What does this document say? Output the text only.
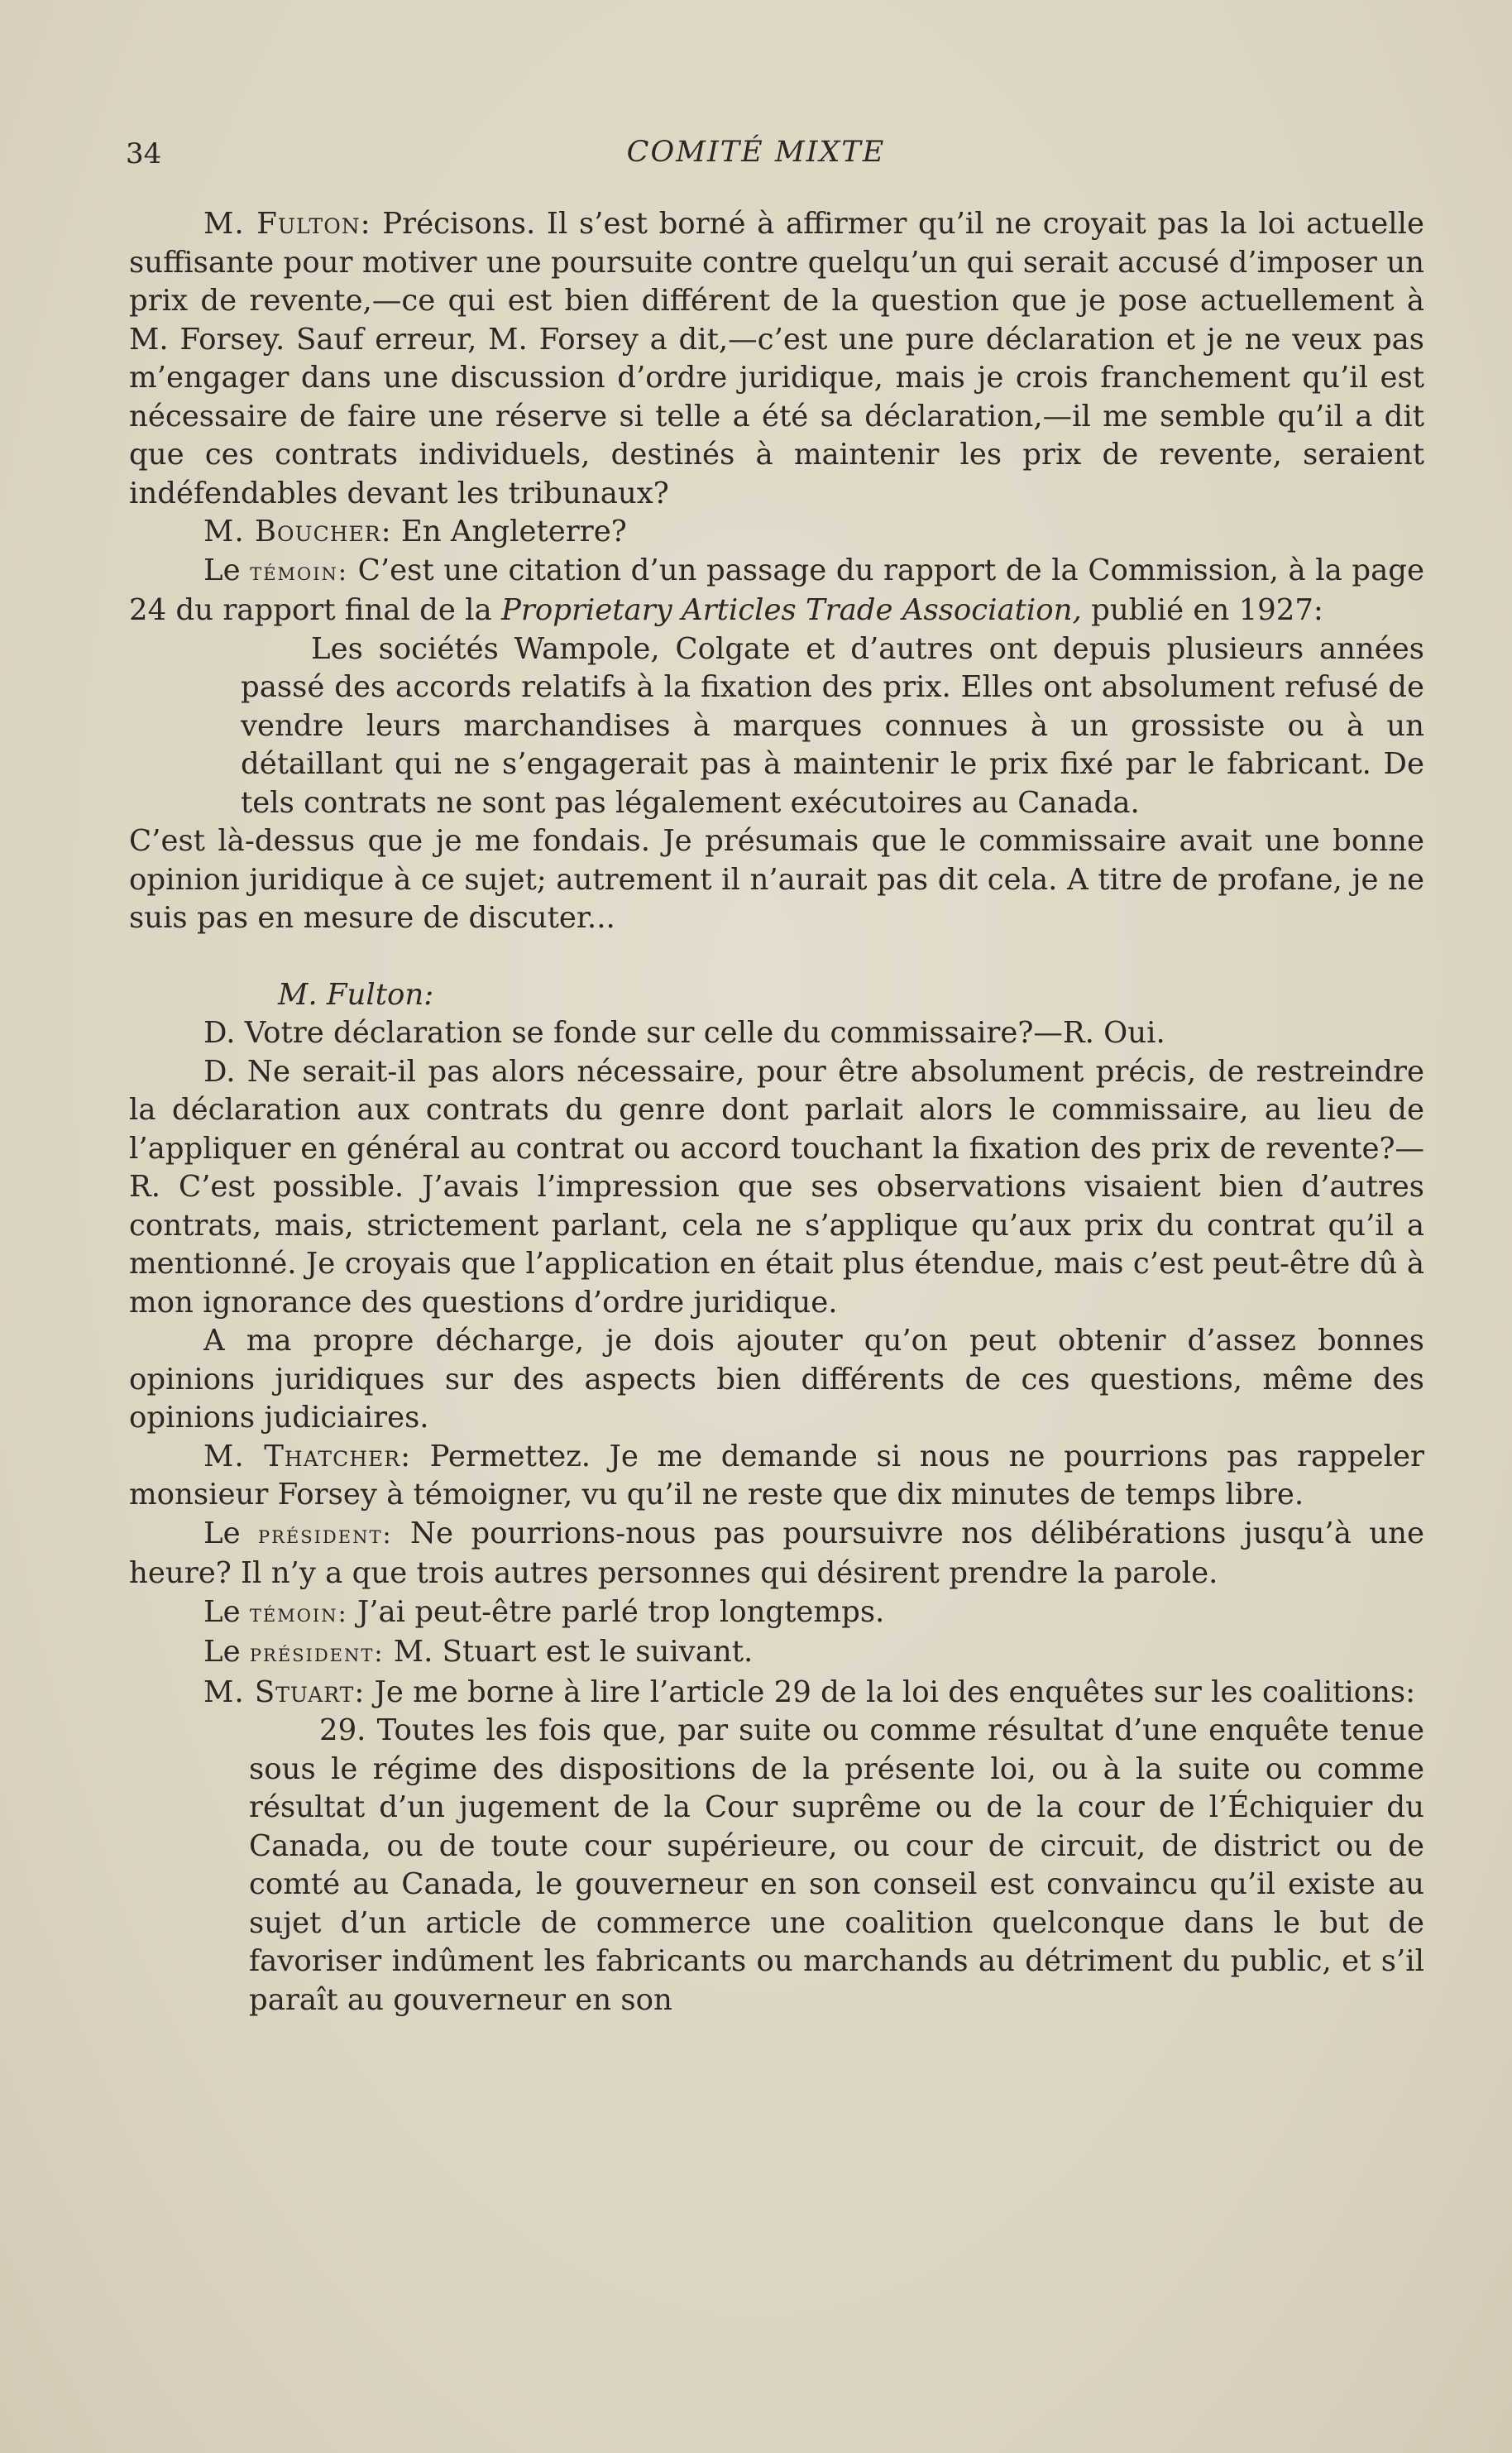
34	COMITÉ MIXTE

M. Fulton: Précisons. Il s’est borné à affirmer qu’il ne croyait pas la loi actuelle suffisante pour motiver une poursuite contre quelqu’un qui serait accusé d’imposer un prix de revente,—ce qui est bien différent de la question que je pose actuellement à M. Forsey. Sauf erreur, M. Forsey a dit,—c’est une pure déclaration et je ne veux pas m’engager dans une discussion d’ordre juridique, mais je crois franchement qu’il est nécessaire de faire une réserve si telle a été sa déclaration,—il me semble qu’il a dit que ces contrats individuels, destinés à maintenir les prix de revente, seraient indéfendables devant les tribunaux?

M. Boucher: En Angleterre?

Le témoin: C’est une citation d’un passage du rapport de la Commission, à la page 24 du rapport final de la Proprietary Articles Trade Association, publié en 1927:

Les sociétés Wampole, Colgate et d’autres ont depuis plusieurs années passé des accords relatifs à la fixation des prix. Elles ont absolument refusé de vendre leurs marchandises à marques connues à un grossiste ou à un détaillant qui ne s’engagerait pas à maintenir le prix fixé par le fabricant. De tels contrats ne sont pas légalement exécutoires au Canada.

C’est là-dessus que je me fondais. Je présumais que le commissaire avait une bonne opinion juridique à ce sujet; autrement il n’aurait pas dit cela. A titre de profane, je ne suis pas en mesure de discuter...

M. Fulton:

D. Votre déclaration se fonde sur celle du commissaire?—R. Oui.

D. Ne serait-il pas alors nécessaire, pour être absolument précis, de restreindre la déclaration aux contrats du genre dont parlait alors le commissaire, au lieu de l’appliquer en général au contrat ou accord touchant la fixation des prix de revente?—R. C’est possible. J’avais l’impression que ses observations visaient bien d’autres contrats, mais, strictement parlant, cela ne s’applique qu’aux prix du contrat qu’il a mentionné. Je croyais que l’application en était plus étendue, mais c’est peut-être dû à mon ignorance des questions d’ordre juridique.

A ma propre décharge, je dois ajouter qu’on peut obtenir d’assez bonnes opinions juridiques sur des aspects bien différents de ces questions, même des opinions judiciaires.

M. Thatcher: Permettez. Je me demande si nous ne pourrions pas rappeler monsieur Forsey à témoigner, vu qu’il ne reste que dix minutes de temps libre.

Le président: Ne pourrions-nous pas poursuivre nos délibérations jusqu’à une heure? Il n’y a que trois autres personnes qui désirent prendre la parole.

Le témoin: J’ai peut-être parlé trop longtemps.

Le président: M. Stuart est le suivant.

M. Stuart: Je me borne à lire l’article 29 de la loi des enquêtes sur les coalitions:

29. Toutes les fois que, par suite ou comme résultat d’une enquête tenue sous le régime des dispositions de la présente loi, ou à la suite ou comme résultat d’un jugement de la Cour suprême ou de la cour de l’Échiquier du Canada, ou de toute cour supérieure, ou cour de circuit, de district ou de comté au Canada, le gouverneur en son conseil est convaincu qu’il existe au sujet d’un article de commerce une coalition quelconque dans le but de favoriser indûment les fabricants ou marchands au détriment du public, et s’il paraît au gouverneur en son
